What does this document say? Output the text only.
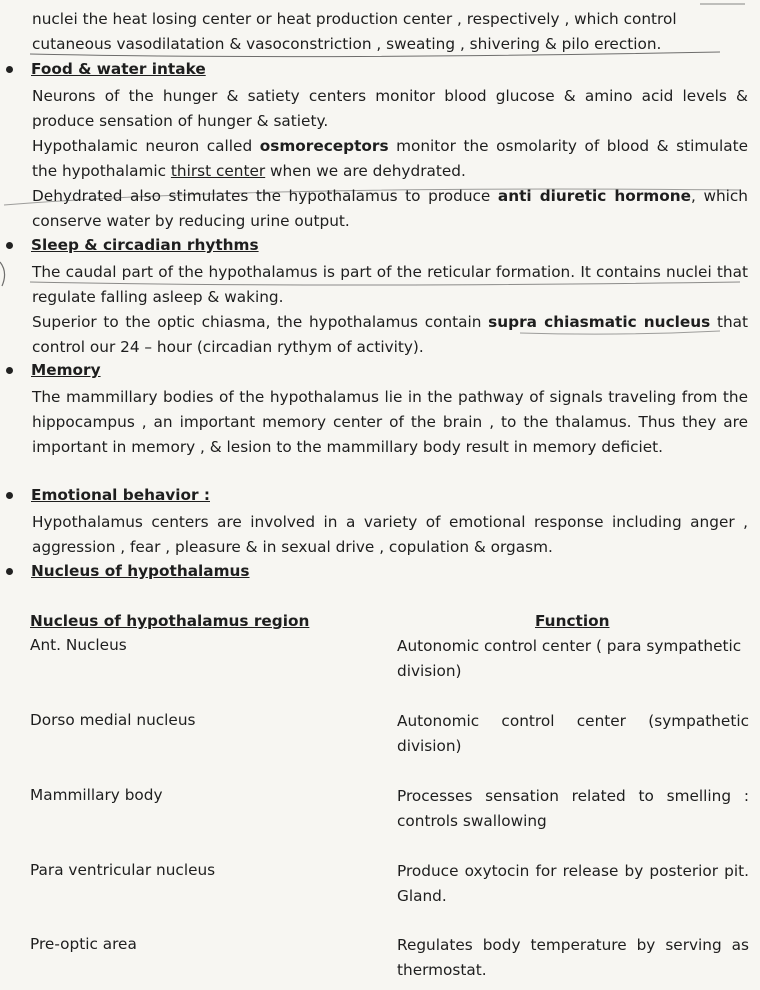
nuclei the heat losing center or heat production center , respectively , which control
cutaneous vasodilatation & vasoconstriction , sweating , shivering & pilo erection.
Food & water intake
Neurons of the hunger & satiety centers monitor blood glucose & amino acid levels & produce sensation of hunger & satiety.
Hypothalamic neuron called osmoreceptors monitor the osmolarity of blood & stimulate the hypothalamic thirst center when we are dehydrated.
Dehydrated also stimulates the hypothalamus to produce anti diuretic hormone, which conserve water by reducing urine output.
Sleep & circadian rhythms
The caudal part of the hypothalamus is part of the reticular formation. It contains nuclei that regulate falling asleep & waking.
Superior to the optic chiasma, the hypothalamus contain supra chiasmatic nucleus that control our 24 – hour (circadian rythym of activity).
Memory
The mammillary bodies of the hypothalamus lie in the pathway of signals traveling from the hippocampus , an important memory center of the brain , to the thalamus. Thus they are important in memory , & lesion to the mammillary body result in memory deficiet.
Emotional behavior :
Hypothalamus centers are involved in a variety of emotional response including anger , aggression , fear , pleasure & in sexual drive , copulation & orgasm.
Nucleus of hypothalamus
Nucleus of hypothalamus region	Function
Ant. Nucleus	Autonomic control center ( para sympathetic division)
Dorso medial nucleus	Autonomic control center (sympathetic division)
Mammillary body	Processes sensation related to smelling : controls swallowing
Para ventricular nucleus	Produce oxytocin for release by posterior pit. Gland.
Pre-optic area	Regulates body temperature by serving as thermostat.
